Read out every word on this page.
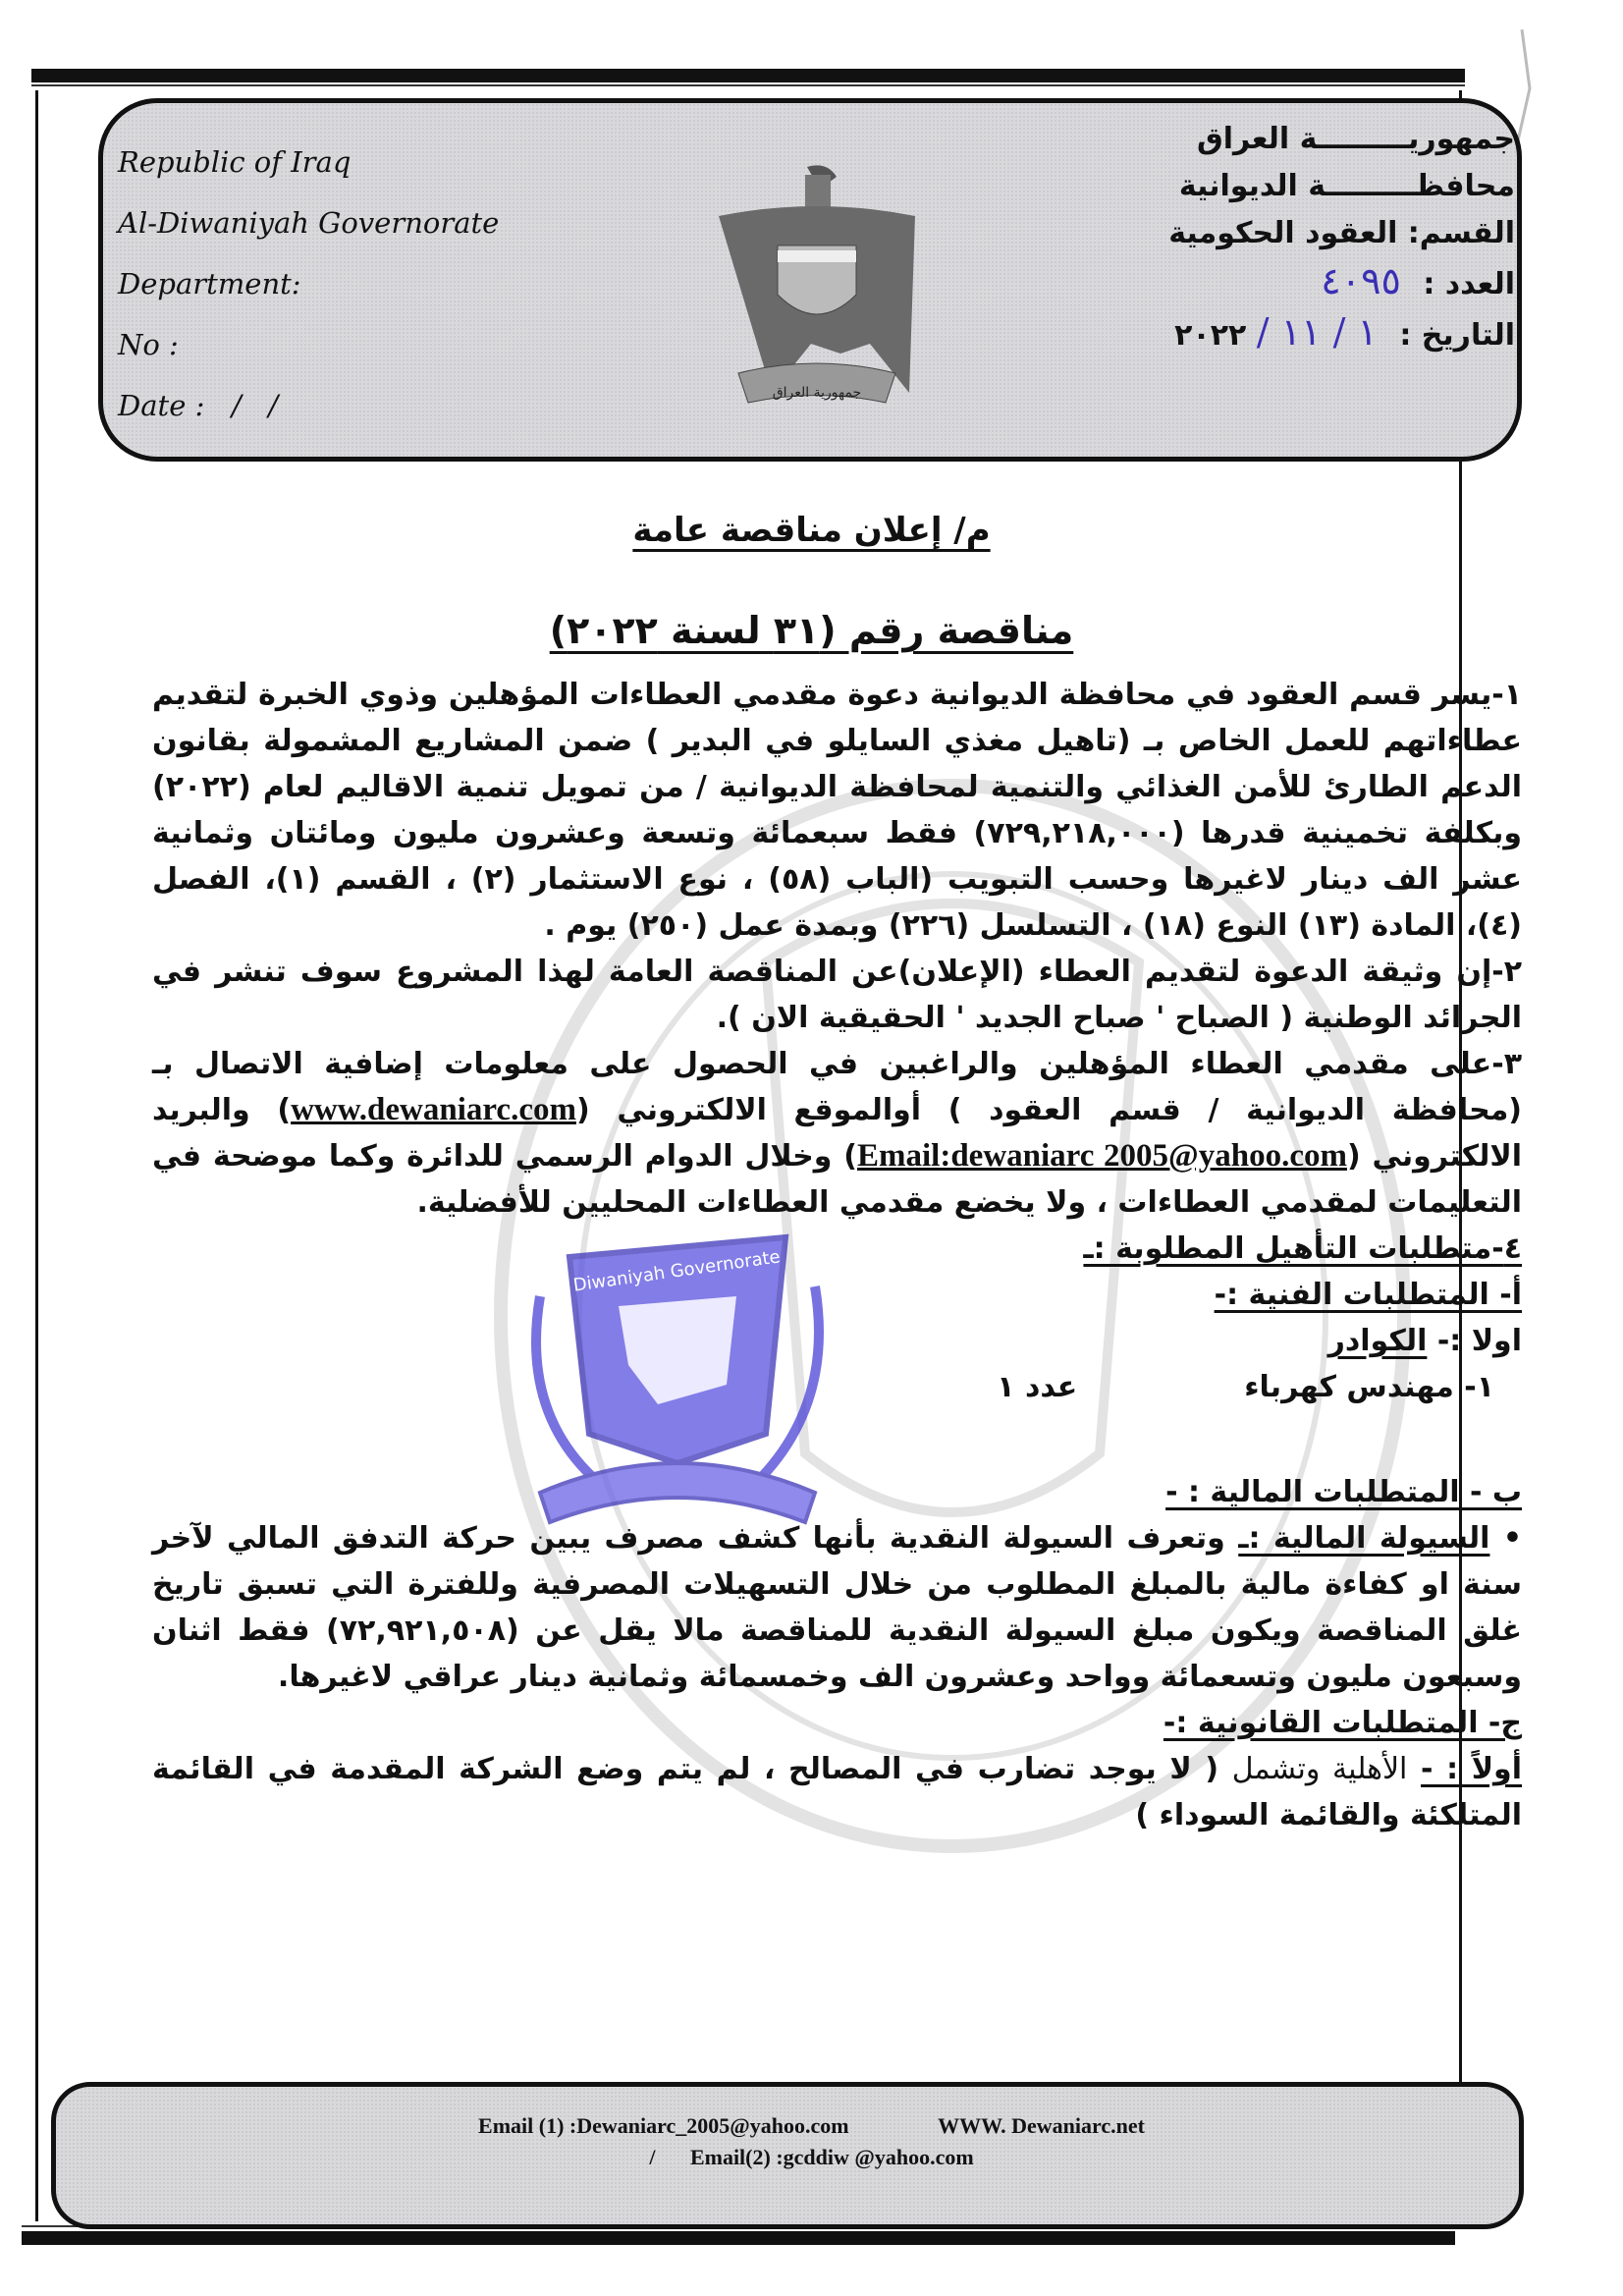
Republic of Iraq
Al-Diwaniyah Governorate
Department:
No :
Date :   /   /	جمهورية العراق
جمهوريـــــــــة العراق
محافظـــــــــة الديوانية
القسم: العقود الحكومية
العدد : ٤٠٩٥
التاريخ : ١ / ١١ / ٢٠٢٢
Diwaniyah Governorate
م/ إعلان مناقصة عامة
مناقصة رقم (٣١ لسنة ٢٠٢٢)

١-يسر قسم العقود في محافظة الديوانية دعوة مقدمي العطاءات المؤهلين وذوي الخبرة لتقديم عطاءاتهم للعمل الخاص بـ (تاهيل مغذي السايلو في البدير ) ضمن المشاريع المشمولة بقانون الدعم الطارئ للأمن الغذائي والتنمية لمحافظة الديوانية / من تمويل تنمية الاقاليم لعام (٢٠٢٢) وبكلفة تخمينية قدرها (٧٢٩,٢١٨,٠٠٠) فقط سبعمائة وتسعة وعشرون مليون ومائتان وثمانية عشر الف دينار لاغيرها وحسب التبويب (الباب (٥٨) ، نوع الاستثمار (٢) ، القسم (١)، الفصل (٤)، المادة (١٣) النوع (١٨) ، التسلسل (٢٢٦) وبمدة عمل (٢٥٠) يوم .

٢-إن وثيقة الدعوة لتقديم العطاء (الإعلان)عن المناقصة العامة لهذا المشروع سوف تنشر في الجرائد الوطنية ( الصباح ' صباح الجديد ' الحقيقية الان ).

٣-على مقدمي العطاء المؤهلين والراغبين في الحصول على معلومات إضافية الاتصال بـ (محافظة الديوانية / قسم العقود ) أوالموقع الالكتروني (www.dewaniarc.com) والبريد الالكتروني (Email:dewaniarc 2005@yahoo.com) وخلال الدوام الرسمي للدائرة وكما موضحة في التعليمات لمقدمي العطاءات ، ولا يخضع مقدمي العطاءات المحليين للأفضلية.

٤-متطلبات التأهيل المطلوبة :ـ

أ- المتطلبات الفنية :-

اولا :- الكوادر

١- مهندس كهرباء
عدد ١

ب - المتطلبات المالية : -

• السيولة المالية :ـ وتعرف السيولة النقدية بأنها كشف مصرف يبين حركة التدفق المالي لآخر سنة او كفاءة مالية بالمبلغ المطلوب من خلال التسهيلات المصرفية وللفترة التي تسبق تاريخ غلق المناقصة ويكون مبلغ السيولة النقدية للمناقصة مالا يقل عن (٧٢,٩٢١,٥٠٨) فقط اثنان وسبعون مليون وتسعمائة وواحد وعشرون الف وخمسمائة وثمانية دينار عراقي لاغيرها.

ج- المتطلبات القانونية :-

أولاً : - الأهلية وتشمل ( لا يوجد تضارب في المصالح ، لم يتم وضع الشركة المقدمة في القائمة المتلكئة والقائمة السوداء )

Email (1) :Dewaniarc_2005@yahoo.com	WWW. Dewaniarc.net
/ Email(2) :gcddiw @yahoo.com
